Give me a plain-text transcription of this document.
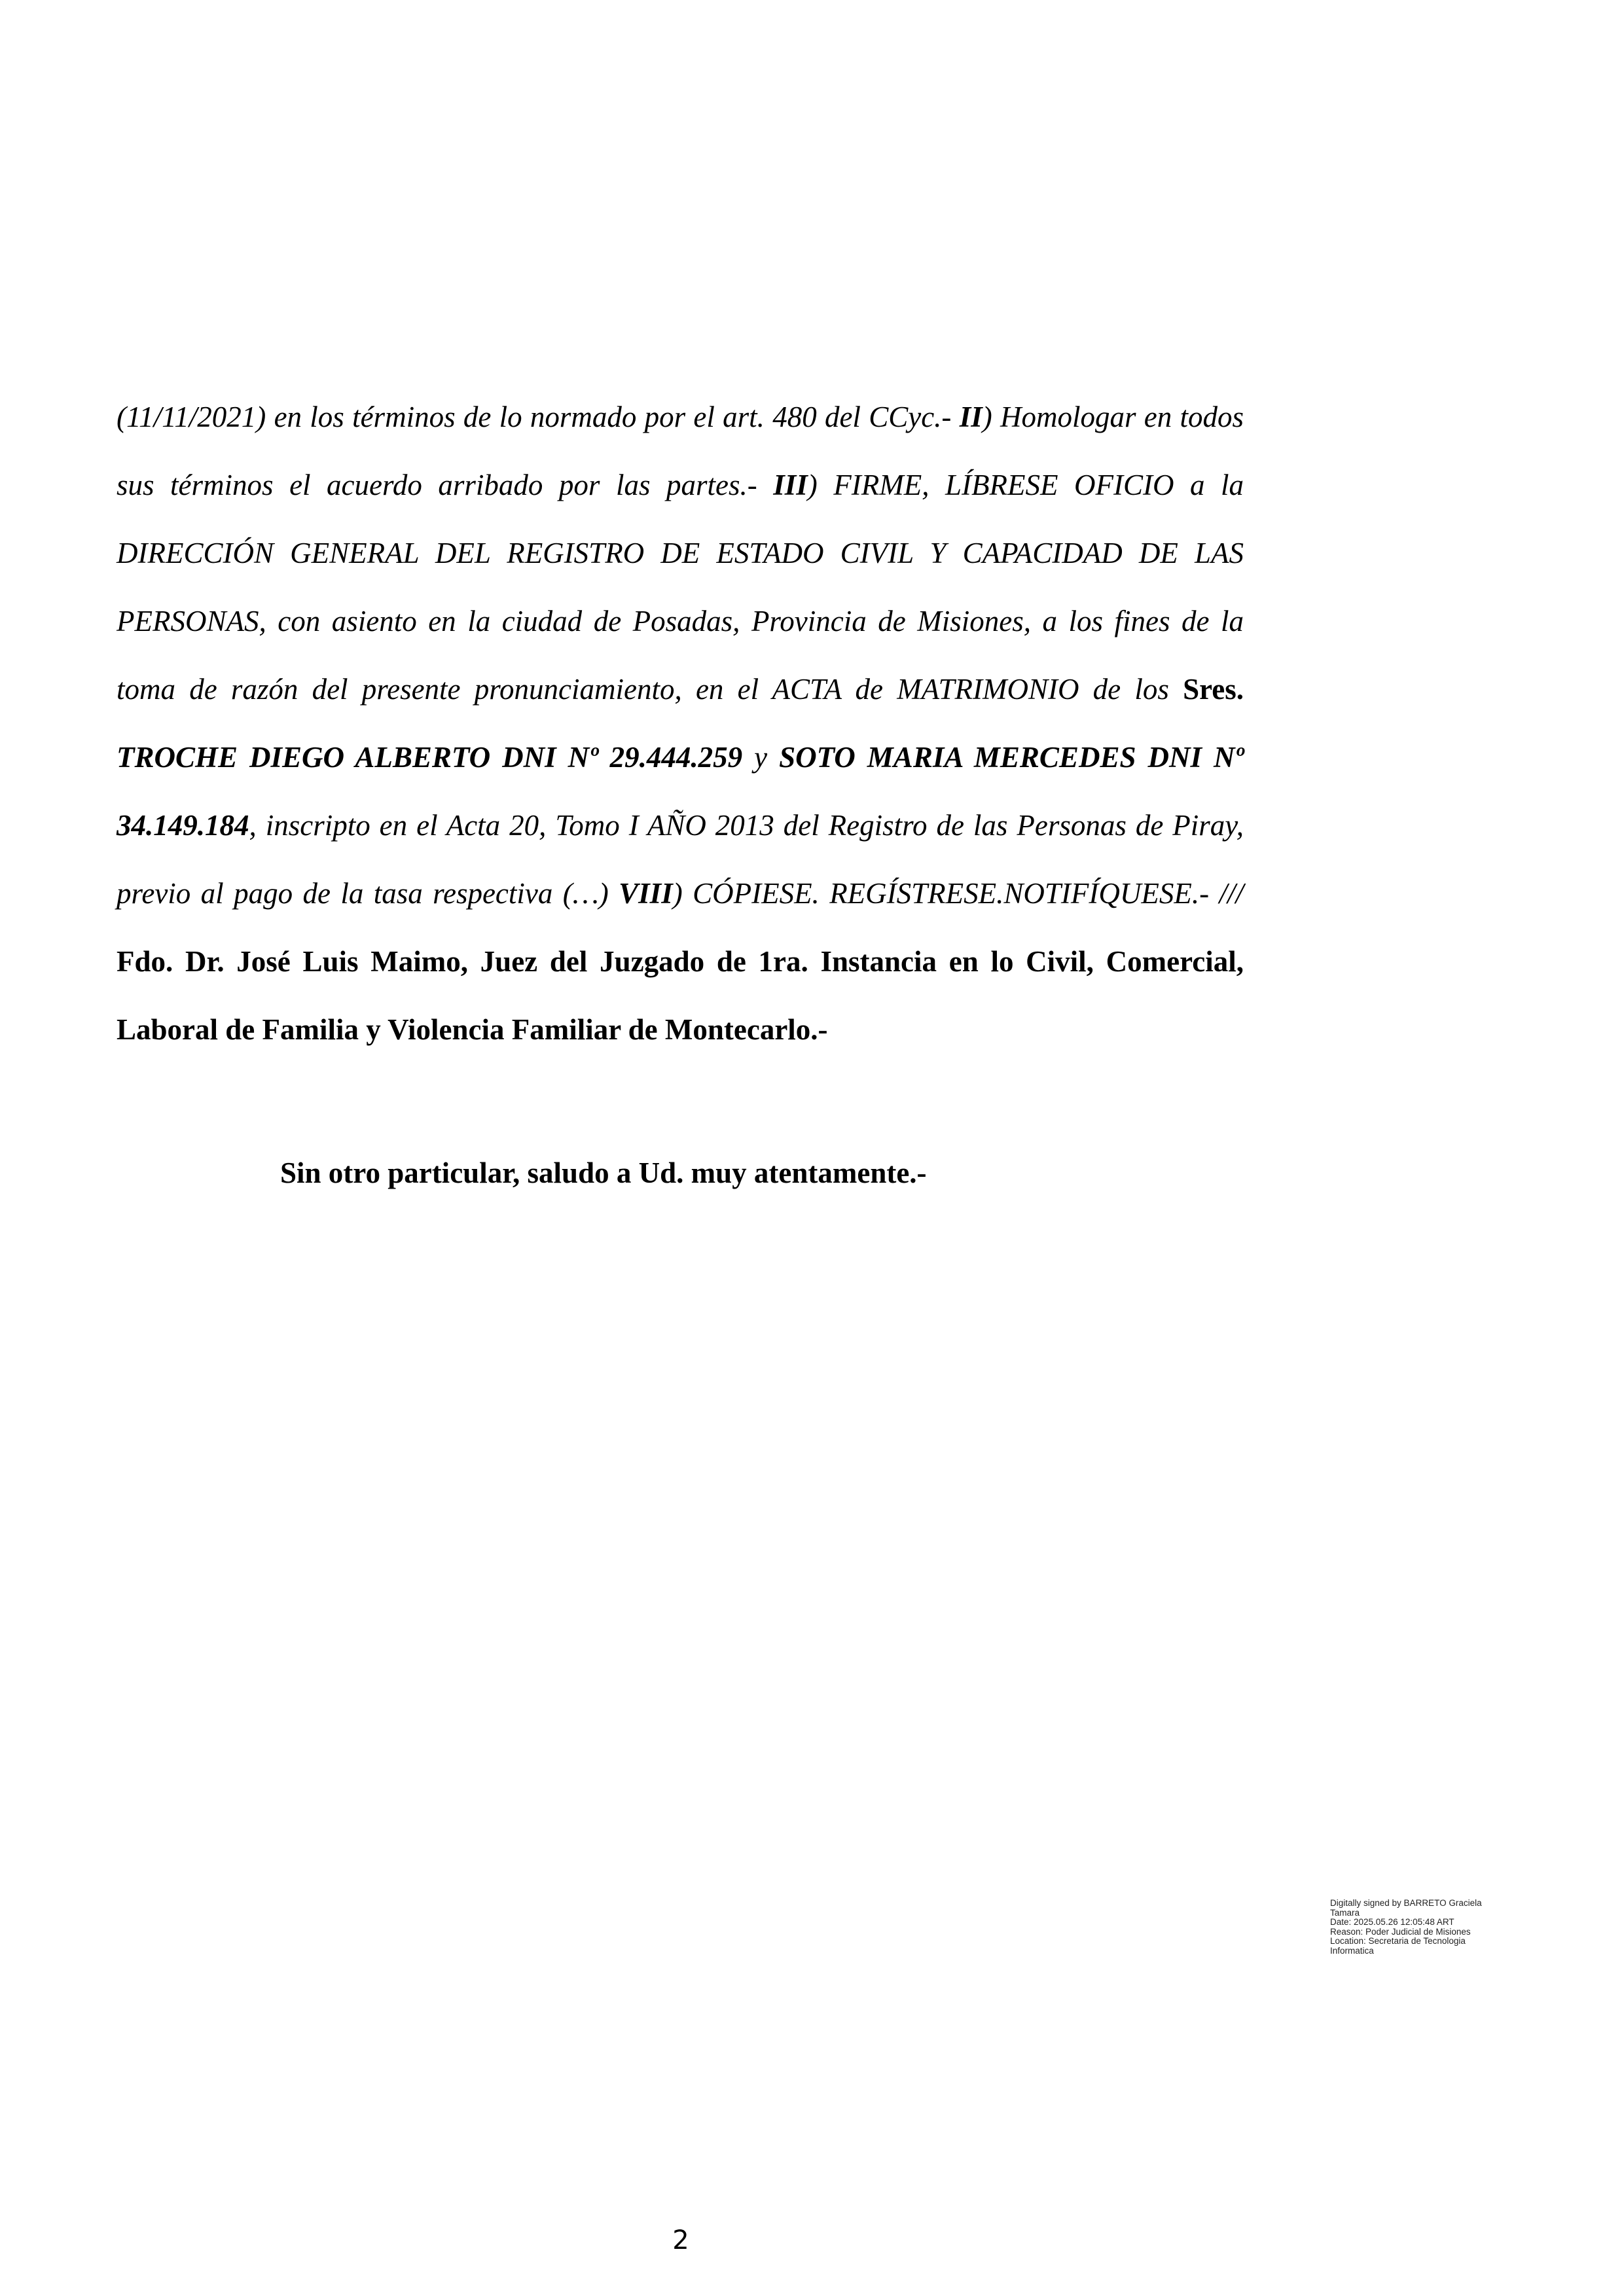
(11/11/2021) en los términos de lo normado por el art. 480 del CCyc.- II) Homologar en todos sus términos el acuerdo arribado por las partes.- III) FIRME, LÍBRESE OFICIO a la DIRECCIÓN GENERAL DEL REGISTRO DE ESTADO CIVIL Y CAPACIDAD DE LAS PERSONAS, con asiento en la ciudad de Posadas, Provincia de Misiones, a los fines de la toma de razón del presente pronunciamiento, en el ACTA de MATRIMONIO de los Sres. TROCHE DIEGO ALBERTO DNI Nº 29.444.259 y SOTO MARIA MERCEDES DNI Nº 34.149.184, inscripto en el Acta 20, Tomo I AÑO 2013 del Registro de las Personas de Piray, previo al pago de la tasa respectiva (…) VIII) CÓPIESE. REGÍSTRESE.NOTIFÍQUESE.- /// Fdo. Dr. José Luis Maimo, Juez del Juzgado de 1ra. Instancia en lo Civil, Comercial, Laboral de Familia y Violencia Familiar de Montecarlo.-

Sin otro particular, saludo a Ud. muy atentamente.-

Digitally signed by BARRETO Graciela
Tamara
Date: 2025.05.26 12:05:48 ART
Reason: Poder Judicial de Misiones
Location: Secretaria de Tecnologia
Informatica
2
